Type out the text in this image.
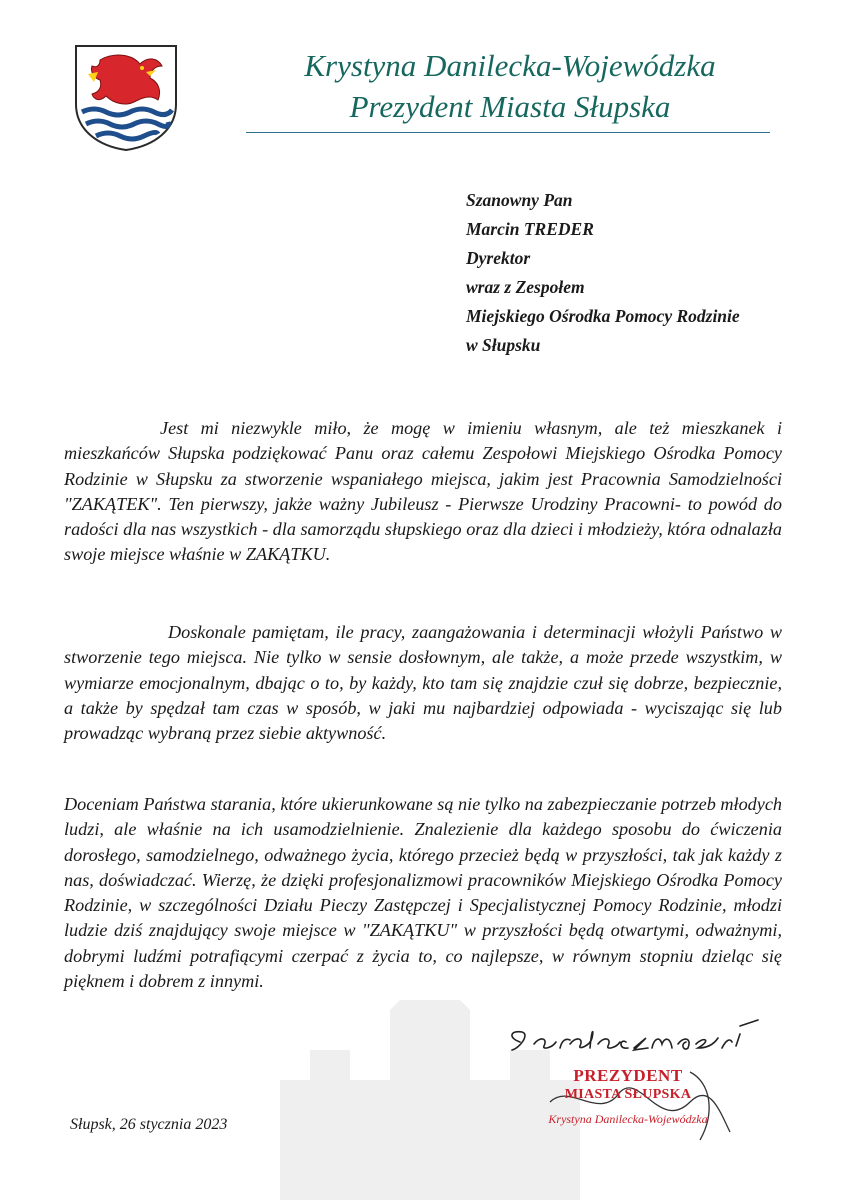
Krystyna Danilecka-Wojewódzka
Prezydent Miasta Słupska
Szanowny Pan
Marcin TREDER
Dyrektor
wraz z Zespołem
Miejskiego Ośrodka Pomocy Rodzinie
w Słupsku

Jest mi niezwykle miło, że mogę w imieniu własnym, ale też mieszkanek i mieszkańców Słupska podziękować Panu oraz całemu Zespołowi Miejskiego Ośrodka Pomocy Rodzinie w Słupsku za stworzenie wspaniałego miejsca, jakim jest Pracownia Samodzielności "ZAKĄTEK". Ten pierwszy, jakże ważny Jubileusz - Pierwsze Urodziny Pracowni- to powód do radości dla nas wszystkich - dla samorządu słupskiego oraz dla dzieci i młodzieży, która odnalazła swoje miejsce właśnie w ZAKĄTKU.

Doskonale pamiętam, ile pracy, zaangażowania i determinacji włożyli Państwo w stworzenie tego miejsca. Nie tylko w sensie dosłownym, ale także, a może przede wszystkim, w wymiarze emocjonalnym, dbając o to, by każdy, kto tam się znajdzie czuł się dobrze, bezpiecznie, a także by spędzał tam czas w sposób, w jaki mu najbardziej odpowiada - wyciszając się lub prowadząc wybraną przez siebie aktywność.

Doceniam Państwa starania, które ukierunkowane są nie tylko na zabezpieczanie potrzeb młodych ludzi, ale właśnie na ich usamodzielnienie. Znalezienie dla każdego sposobu do ćwiczenia dorosłego, samodzielnego, odważnego życia, którego przecież będą w przyszłości, tak jak każdy z nas, doświadczać. Wierzę, że dzięki profesjonalizmowi pracowników Miejskiego Ośrodka Pomocy Rodzinie, w szczególności Działu Pieczy Zastępczej i Specjalistycznej Pomocy Rodzinie, młodzi ludzie dziś znajdujący swoje miejsce w "ZAKĄTKU" w przyszłości będą otwartymi, odważnymi, dobrymi ludźmi potrafiącymi czerpać z życia to, co najlepsze, w równym stopniu dzieląc się pięknem i dobrem z innymi.

PREZYDENT
MIASTA SŁUPSKA
Krystyna Danilecka-Wojewódzka
Słupsk, 26 stycznia 2023
